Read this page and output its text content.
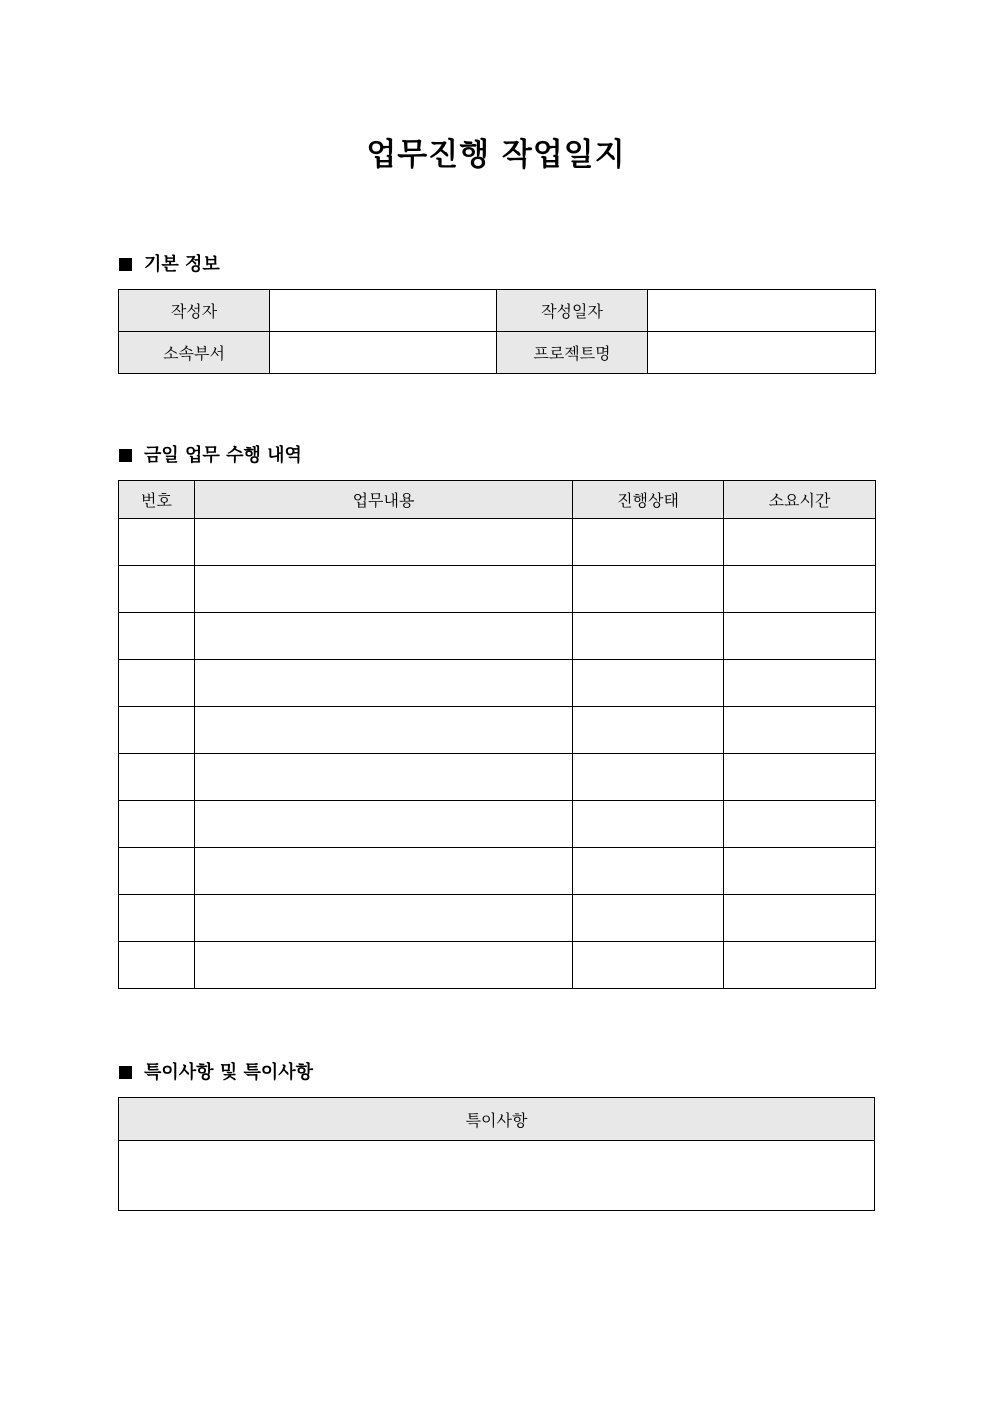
업무진행 작업일지
기본 정보
작성자		작성일자	
소속부서		프로젝트명	
금일 업무 수행 내역
번호	업무내용	진행상태	소요시간

특이사항 및 특이사항
특이사항
